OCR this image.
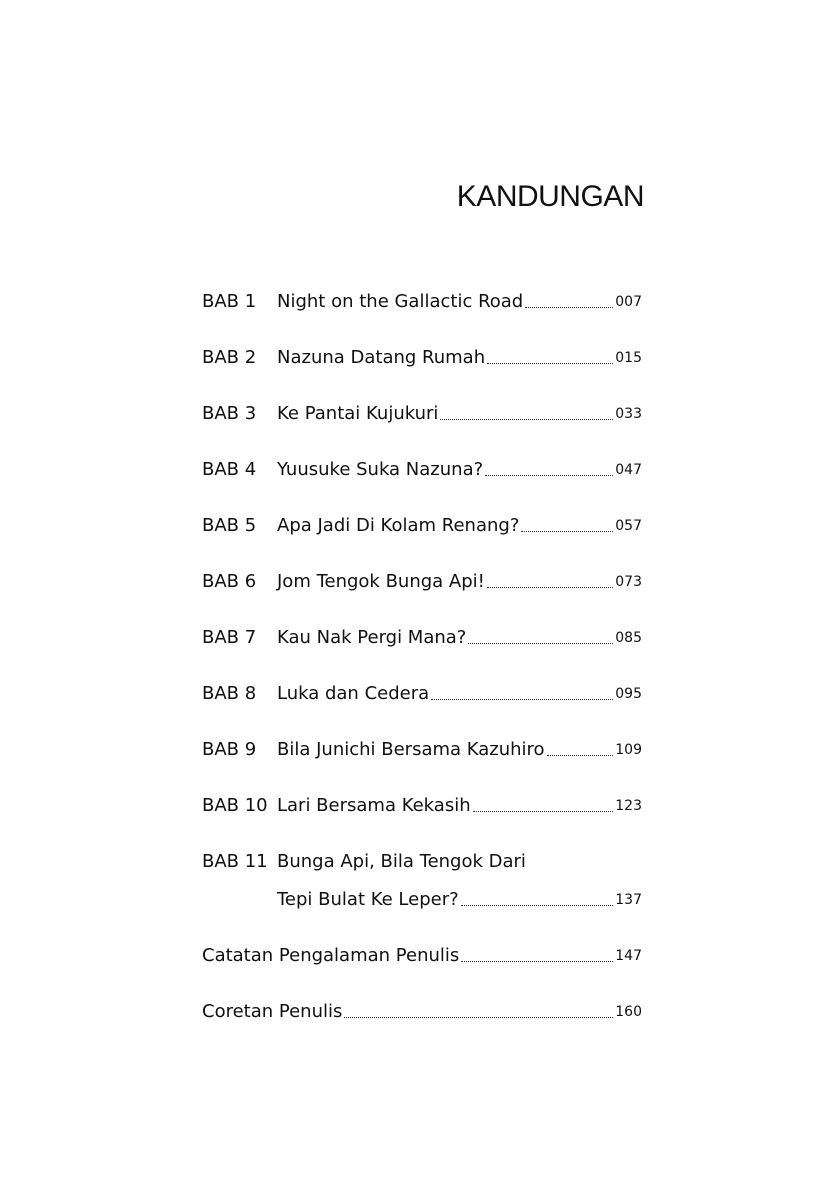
KANDUNGAN
BAB 1	Night on the Gallactic Road	007
BAB 2	Nazuna Datang Rumah	015
BAB 3	Ke Pantai Kujukuri	033
BAB 4	Yuusuke Suka Nazuna?	047
BAB 5	Apa Jadi Di Kolam Renang?	057
BAB 6	Jom Tengok Bunga Api!	073
BAB 7	Kau Nak Pergi Mana?	085
BAB 8	Luka dan Cedera	095
BAB 9	Bila Junichi Bersama Kazuhiro	109
BAB 10 Lari Bersama Kekasih	123
BAB 11 Bunga Api, Bila Tengok Dari
Tepi Bulat Ke Leper?	137
Catatan Pengalaman Penulis	147
Coretan Penulis	160
